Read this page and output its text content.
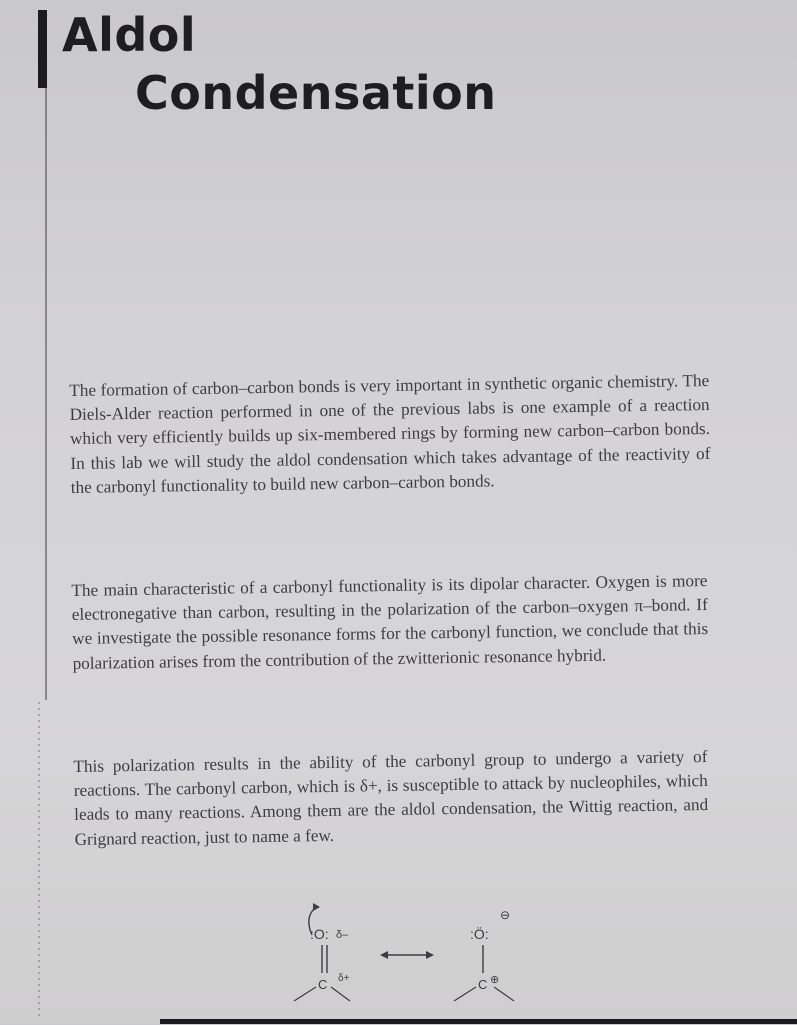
Aldol
Condensation

The formation of carbon–carbon bonds is very important in synthetic organic chemistry. The Diels-Alder reaction performed in one of the previous labs is one example of a reaction which very efficiently builds up six-membered rings by forming new carbon–carbon bonds. In this lab we will study the aldol condensation which takes advantage of the reactivity of the carbonyl functionality to build new carbon–carbon bonds.

The main characteristic of a carbonyl functionality is its dipolar character. Oxygen is more electronegative than carbon, resulting in the polarization of the carbon–oxygen π–bond. If we investigate the possible resonance forms for the carbonyl function, we conclude that this polarization arises from the contribution of the zwitterionic resonance hybrid.

This polarization results in the ability of the carbonyl group to undergo a variety of reactions. The carbonyl carbon, which is δ+, is susceptible to attack by nucleophiles, which leads to many reactions. Among them are the aldol condensation, the Wittig reaction, and Grignard reaction, just to name a few.

:O: δ–
C δ+
:Ö:
⊖
C ⊕
